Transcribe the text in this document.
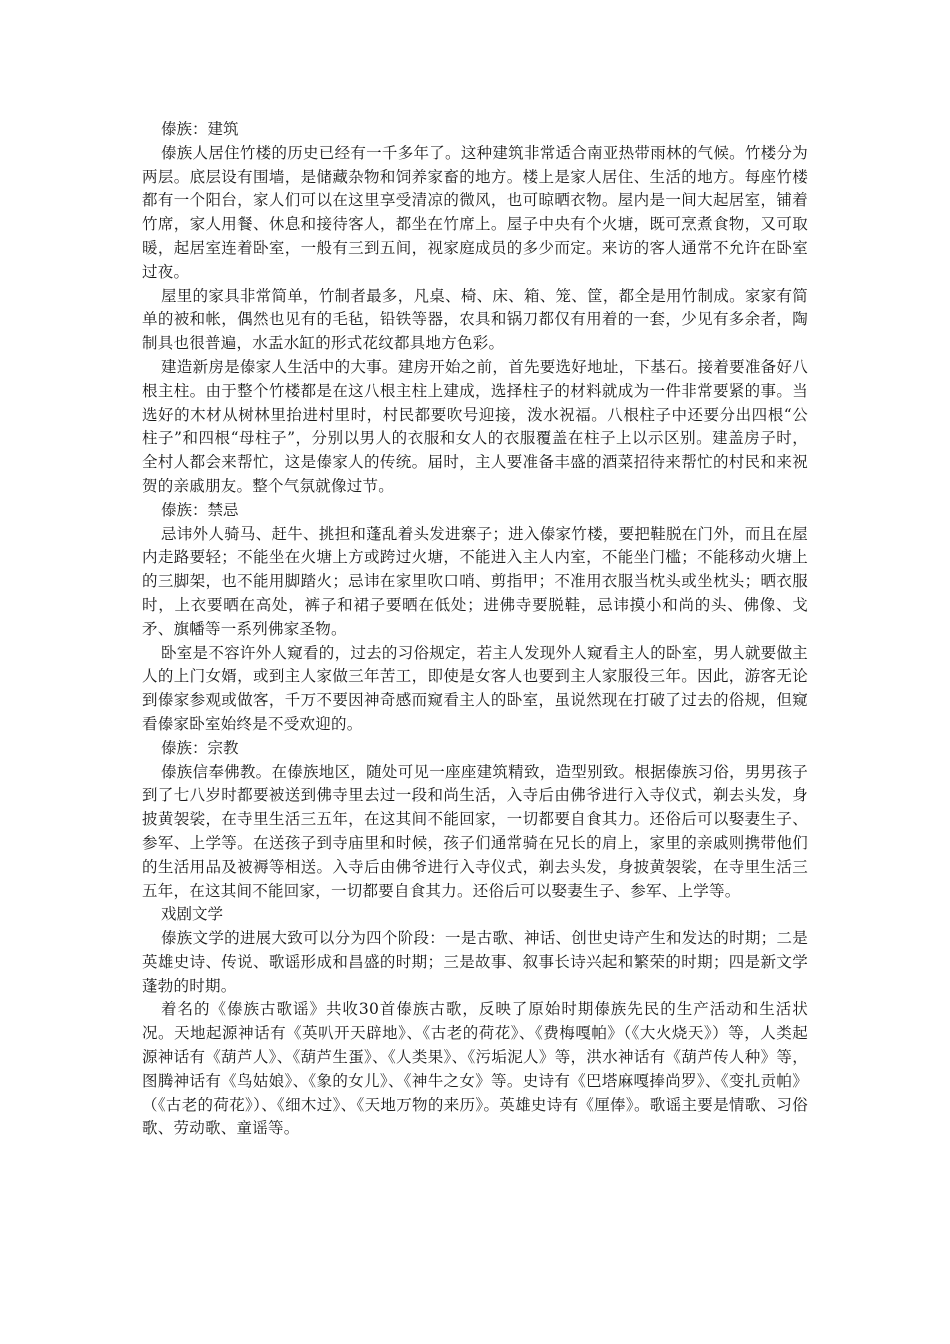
傣族：建筑

傣族人居住竹楼的历史已经有一千多年了。这种建筑非常适合南亚热带雨林的气候。竹楼分为两层。底层设有围墙，是储藏杂物和饲养家畜的地方。楼上是家人居住、生活的地方。每座竹楼都有一个阳台，家人们可以在这里享受清凉的微风，也可晾晒衣物。屋内是一间大起居室，铺着竹席，家人用餐、休息和接待客人，都坐在竹席上。屋子中央有个火塘，既可烹煮食物，又可取暖，起居室连着卧室，一般有三到五间，视家庭成员的多少而定。来访的客人通常不允许在卧室过夜。

屋里的家具非常简单，竹制者最多，凡桌、椅、床、箱、笼、筐，都全是用竹制成。家家有简单的被和帐，偶然也见有的毛毡，铅铁等器，农具和锅刀都仅有用着的一套，少见有多余者，陶制具也很普遍，水盂水缸的形式花纹都具地方色彩。

建造新房是傣家人生活中的大事。建房开始之前，首先要选好地址，下基石。接着要准备好八根主柱。由于整个竹楼都是在这八根主柱上建成，选择柱子的材料就成为一件非常要紧的事。当选好的木材从树林里抬进村里时，村民都要吹号迎接，泼水祝福。八根柱子中还要分出四根“公柱子”和四根“母柱子”，分别以男人的衣服和女人的衣服覆盖在柱子上以示区别。建盖房子时，全村人都会来帮忙，这是傣家人的传统。届时，主人要准备丰盛的酒菜招待来帮忙的村民和来祝贺的亲戚朋友。整个气氛就像过节。

傣族：禁忌

忌讳外人骑马、赶牛、挑担和蓬乱着头发进寨子；进入傣家竹楼，要把鞋脱在门外，而且在屋内走路要轻；不能坐在火塘上方或跨过火塘，不能进入主人内室，不能坐门槛；不能移动火塘上的三脚架，也不能用脚踏火；忌讳在家里吹口哨、剪指甲；不准用衣服当枕头或坐枕头；晒衣服时，上衣要晒在高处，裤子和裙子要晒在低处；进佛寺要脱鞋，忌讳摸小和尚的头、佛像、戈矛、旗幡等一系列佛家圣物。

卧室是不容许外人窥看的，过去的习俗规定，若主人发现外人窥看主人的卧室，男人就要做主人的上门女婿，或到主人家做三年苦工，即使是女客人也要到主人家服役三年。因此，游客无论到傣家参观或做客，千万不要因神奇感而窥看主人的卧室，虽说然现在打破了过去的俗规，但窥看傣家卧室始终是不受欢迎的。

傣族：宗教

傣族信奉佛教。在傣族地区，随处可见一座座建筑精致，造型别致。根据傣族习俗，男男孩子到了七八岁时都要被送到佛寺里去过一段和尚生活，入寺后由佛爷进行入寺仪式，剃去头发，身披黄袈裟，在寺里生活三五年，在这其间不能回家，一切都要自食其力。还俗后可以娶妻生子、参军、上学等。在送孩子到寺庙里和时候，孩子们通常骑在兄长的肩上，家里的亲戚则携带他们的生活用品及被褥等相送。入寺后由佛爷进行入寺仪式，剃去头发，身披黄袈裟，在寺里生活三五年，在这其间不能回家，一切都要自食其力。还俗后可以娶妻生子、参军、上学等。

戏剧文学

傣族文学的进展大致可以分为四个阶段：一是古歌、神话、创世史诗产生和发达的时期；二是英雄史诗、传说、歌谣形成和昌盛的时期；三是故事、叙事长诗兴起和繁荣的时期；四是新文学蓬勃的时期。

着名的《傣族古歌谣》共收30首傣族古歌，反映了原始时期傣族先民的生产活动和生活状况。天地起源神话有《英叭开天辟地》、《古老的荷花》、《费梅嘎帕》（《大火烧天》）等，人类起源神话有《葫芦人》、《葫芦生蛋》、《人类果》、《污垢泥人》等，洪水神话有《葫芦传人种》等，图腾神话有《鸟姑娘》、《象的女儿》、《神牛之女》等。史诗有《巴塔麻嘎捧尚罗》、《变扎贡帕》（《古老的荷花》）、《细木过》、《天地万物的来历》。英雄史诗有《厘俸》。歌谣主要是情歌、习俗歌、劳动歌、童谣等。
